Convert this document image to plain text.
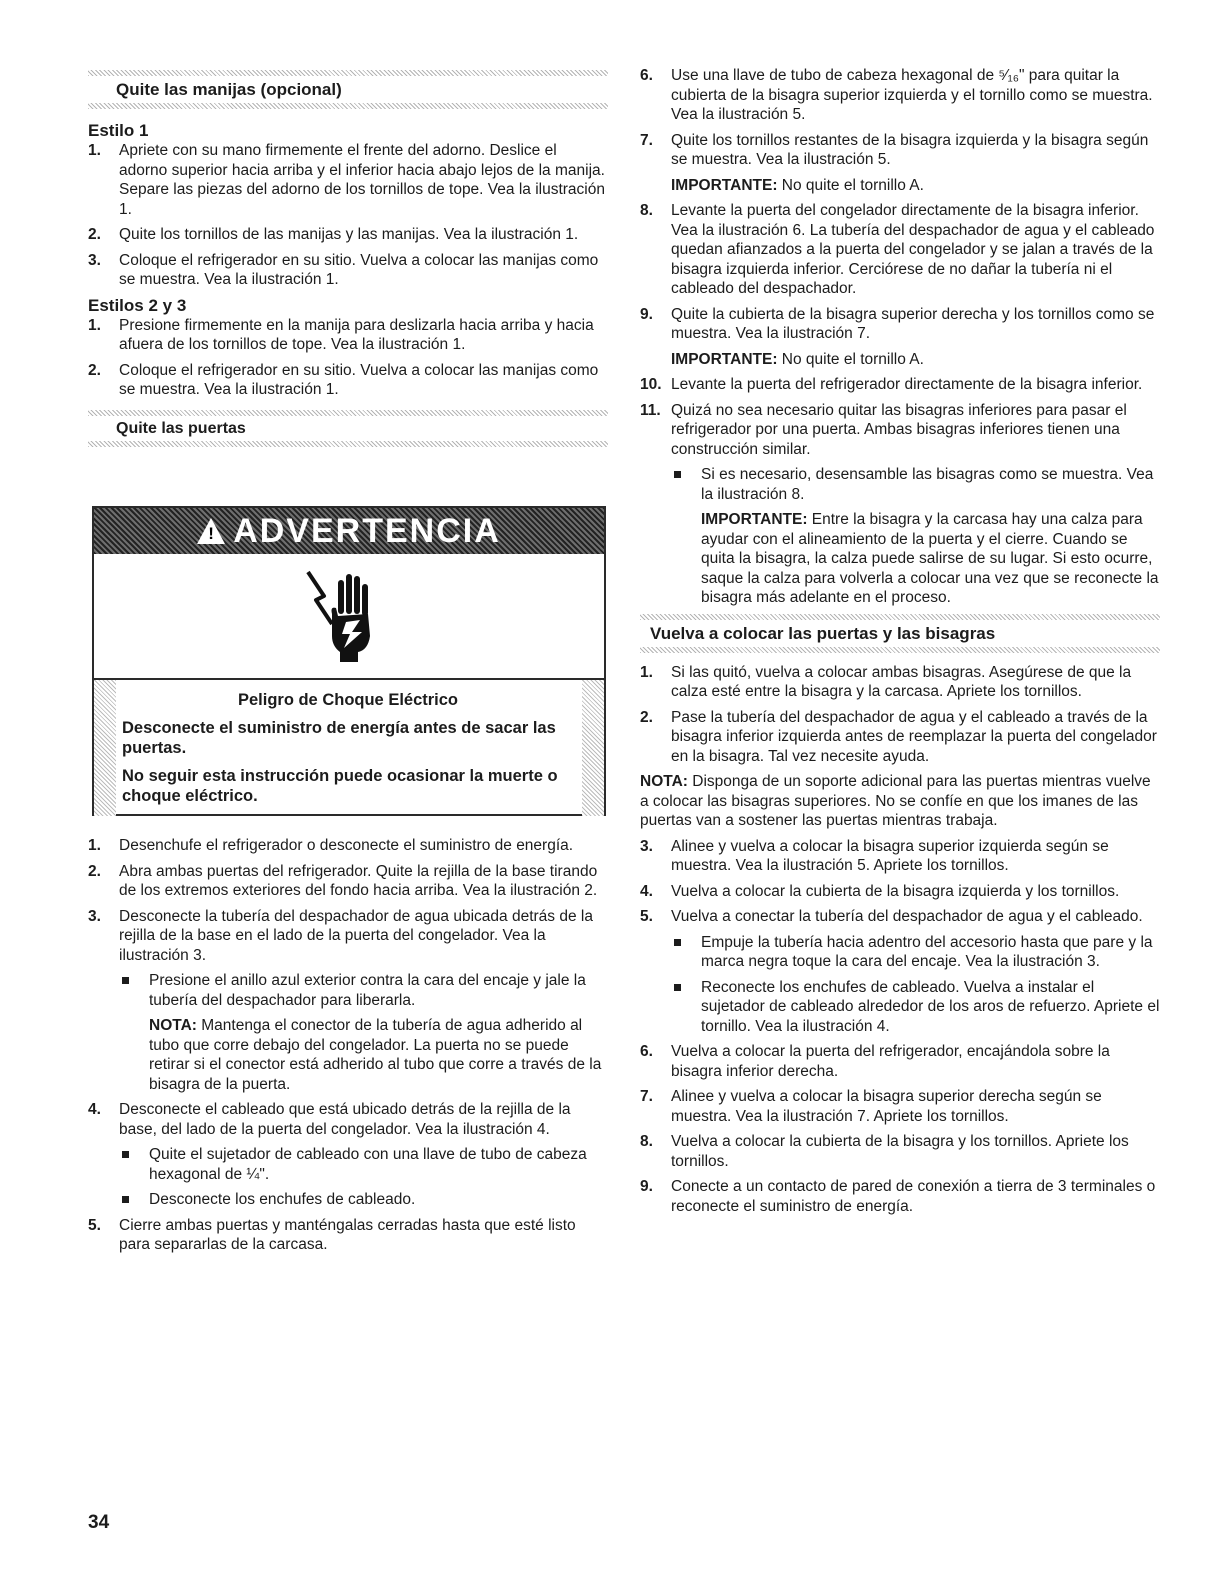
Quite las manijas (opcional)
Estilo 1
1. Apriete con su mano firmemente el frente del adorno. Deslice el adorno superior hacia arriba y el inferior hacia abajo lejos de la manija. Separe las piezas del adorno de los tornillos de tope. Vea la ilustración 1.
2. Quite los tornillos de las manijas y las manijas. Vea la ilustración 1.
3. Coloque el refrigerador en su sitio. Vuelva a colocar las manijas como se muestra. Vea la ilustración 1.
Estilos 2 y 3
1. Presione firmemente en la manija para deslizarla hacia arriba y hacia afuera de los tornillos de tope. Vea la ilustración 1.
2. Coloque el refrigerador en su sitio. Vuelva a colocar las manijas como se muestra. Vea la ilustración 1.
Quite las puertas
! ADVERTENCIA
Peligro de Choque Eléctrico

Desconecte el suministro de energía antes de sacar las puertas.

No seguir esta instrucción puede ocasionar la muerte o choque eléctrico.

1. Desenchufe el refrigerador o desconecte el suministro de energía.
2. Abra ambas puertas del refrigerador. Quite la rejilla de la base tirando de los extremos exteriores del fondo hacia arriba. Vea la ilustración 2.
3. Desconecte la tubería del despachador de agua ubicada detrás de la rejilla de la base en el lado de la puerta del congelador. Vea la ilustración 3.
Presione el anillo azul exterior contra la cara del encaje y jale la tubería del despachador para liberarla.
NOTA: Mantenga el conector de la tubería de agua adherido al tubo que corre debajo del congelador. La puerta no se puede retirar si el conector está adherido al tubo que corre a través de la bisagra de la puerta.
4. Desconecte el cableado que está ubicado detrás de la rejilla de la base, del lado de la puerta del congelador. Vea la ilustración 4.
Quite el sujetador de cableado con una llave de tubo de cabeza hexagonal de ¼".
Desconecte los enchufes de cableado.
5. Cierre ambas puertas y manténgalas cerradas hasta que esté listo para separarlas de la carcasa.
6. Use una llave de tubo de cabeza hexagonal de ⁵⁄₁₆" para quitar la cubierta de la bisagra superior izquierda y el tornillo como se muestra. Vea la ilustración 5.
7. Quite los tornillos restantes de la bisagra izquierda y la bisagra según se muestra. Vea la ilustración 5.
IMPORTANTE: No quite el tornillo A.
8. Levante la puerta del congelador directamente de la bisagra inferior. Vea la ilustración 6. La tubería del despachador de agua y el cableado quedan afianzados a la puerta del congelador y se jalan a través de la bisagra izquierda inferior. Cerciórese de no dañar la tubería ni el cableado del despachador.
9. Quite la cubierta de la bisagra superior derecha y los tornillos como se muestra. Vea la ilustración 7.
IMPORTANTE: No quite el tornillo A.
10. Levante la puerta del refrigerador directamente de la bisagra inferior.
11. Quizá no sea necesario quitar las bisagras inferiores para pasar el refrigerador por una puerta. Ambas bisagras inferiores tienen una construcción similar.
Si es necesario, desensamble las bisagras como se muestra. Vea la ilustración 8.
IMPORTANTE: Entre la bisagra y la carcasa hay una calza para ayudar con el alineamiento de la puerta y el cierre. Cuando se quita la bisagra, la calza puede salirse de su lugar. Si esto ocurre, saque la calza para volverla a colocar una vez que se reconecte la bisagra más adelante en el proceso.
Vuelva a colocar las puertas y las bisagras
1. Si las quitó, vuelva a colocar ambas bisagras. Asegúrese de que la calza esté entre la bisagra y la carcasa. Apriete los tornillos.
2. Pase la tubería del despachador de agua y el cableado a través de la bisagra inferior izquierda antes de reemplazar la puerta del congelador en la bisagra. Tal vez necesite ayuda.

NOTA: Disponga de un soporte adicional para las puertas mientras vuelve a colocar las bisagras superiores. No se confíe en que los imanes de las puertas van a sostener las puertas mientras trabaja.

3. Alinee y vuelva a colocar la bisagra superior izquierda según se muestra. Vea la ilustración 5. Apriete los tornillos.
4. Vuelva a colocar la cubierta de la bisagra izquierda y los tornillos.
5. Vuelva a conectar la tubería del despachador de agua y el cableado.
Empuje la tubería hacia adentro del accesorio hasta que pare y la marca negra toque la cara del encaje. Vea la ilustración 3.
Reconecte los enchufes de cableado. Vuelva a instalar el sujetador de cableado alrededor de los aros de refuerzo. Apriete el tornillo. Vea la ilustración 4.
6. Vuelva a colocar la puerta del refrigerador, encajándola sobre la bisagra inferior derecha.
7. Alinee y vuelva a colocar la bisagra superior derecha según se muestra. Vea la ilustración 7. Apriete los tornillos.
8. Vuelva a colocar la cubierta de la bisagra y los tornillos. Apriete los tornillos.
9. Conecte a un contacto de pared de conexión a tierra de 3 terminales o reconecte el suministro de energía.
34
